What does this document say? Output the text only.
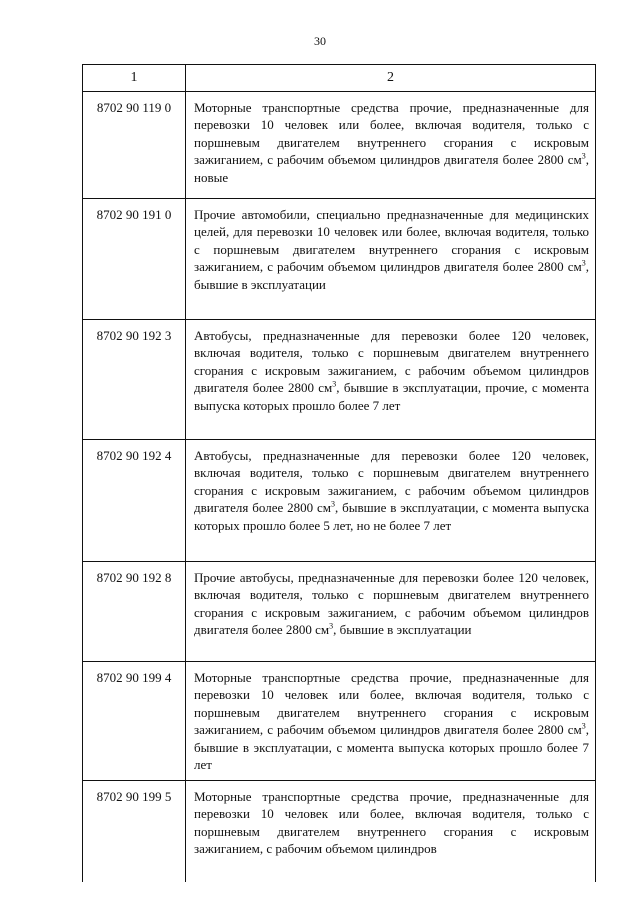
30
1	2
8702 90 119 0	Моторные транспортные средства прочие, предназначенные для перевозки 10 человек или более, включая водителя, только с поршневым двигателем внутреннего сгорания с искровым зажиганием, с рабочим объемом цилиндров двигателя более 2800 $см^3$, новые
8702 90 191 0	Прочие автомобили, специально предназначенные для медицинских целей, для перевозки 10 человек или более, включая водителя, только с поршневым двигателем внутреннего сгорания с искровым зажиганием, с рабочим объемом цилиндров двигателя более 2800 $см^3$, бывшие в эксплуатации
8702 90 192 3	Автобусы, предназначенные для перевозки более 120 человек, включая водителя, только с поршневым двигателем внутреннего сгорания с искровым зажиганием, с рабочим объемом цилиндров двигателя более 2800 $см^3$, бывшие в эксплуатации, прочие, с момента выпуска которых прошло более 7 лет
8702 90 192 4	Автобусы, предназначенные для перевозки более 120 человек, включая водителя, только с поршневым двигателем внутреннего сгорания с искровым зажиганием, с рабочим объемом цилиндров двигателя более 2800 $см^3$, бывшие в эксплуатации, с момента выпуска которых прошло более 5 лет, но не более 7 лет
8702 90 192 8	Прочие автобусы, предназначенные для перевозки более 120 человек, включая водителя, только с поршневым двигателем внутреннего сгорания с искровым зажиганием, с рабочим объемом цилиндров двигателя более 2800 $см^3$, бывшие в эксплуатации
8702 90 199 4	Моторные транспортные средства прочие, предназначенные для перевозки 10 человек или более, включая водителя, только с поршневым двигателем внутреннего сгорания с искровым зажиганием, с рабочим объемом цилиндров двигателя более 2800 $см^3$, бывшие в эксплуатации, с момента выпуска которых прошло более 7 лет
8702 90 199 5	Моторные транспортные средства прочие, предназначенные для перевозки 10 человек или более, включая водителя, только с поршневым двигателем внутреннего сгорания с искровым зажиганием, с рабочим объемом цилиндров
